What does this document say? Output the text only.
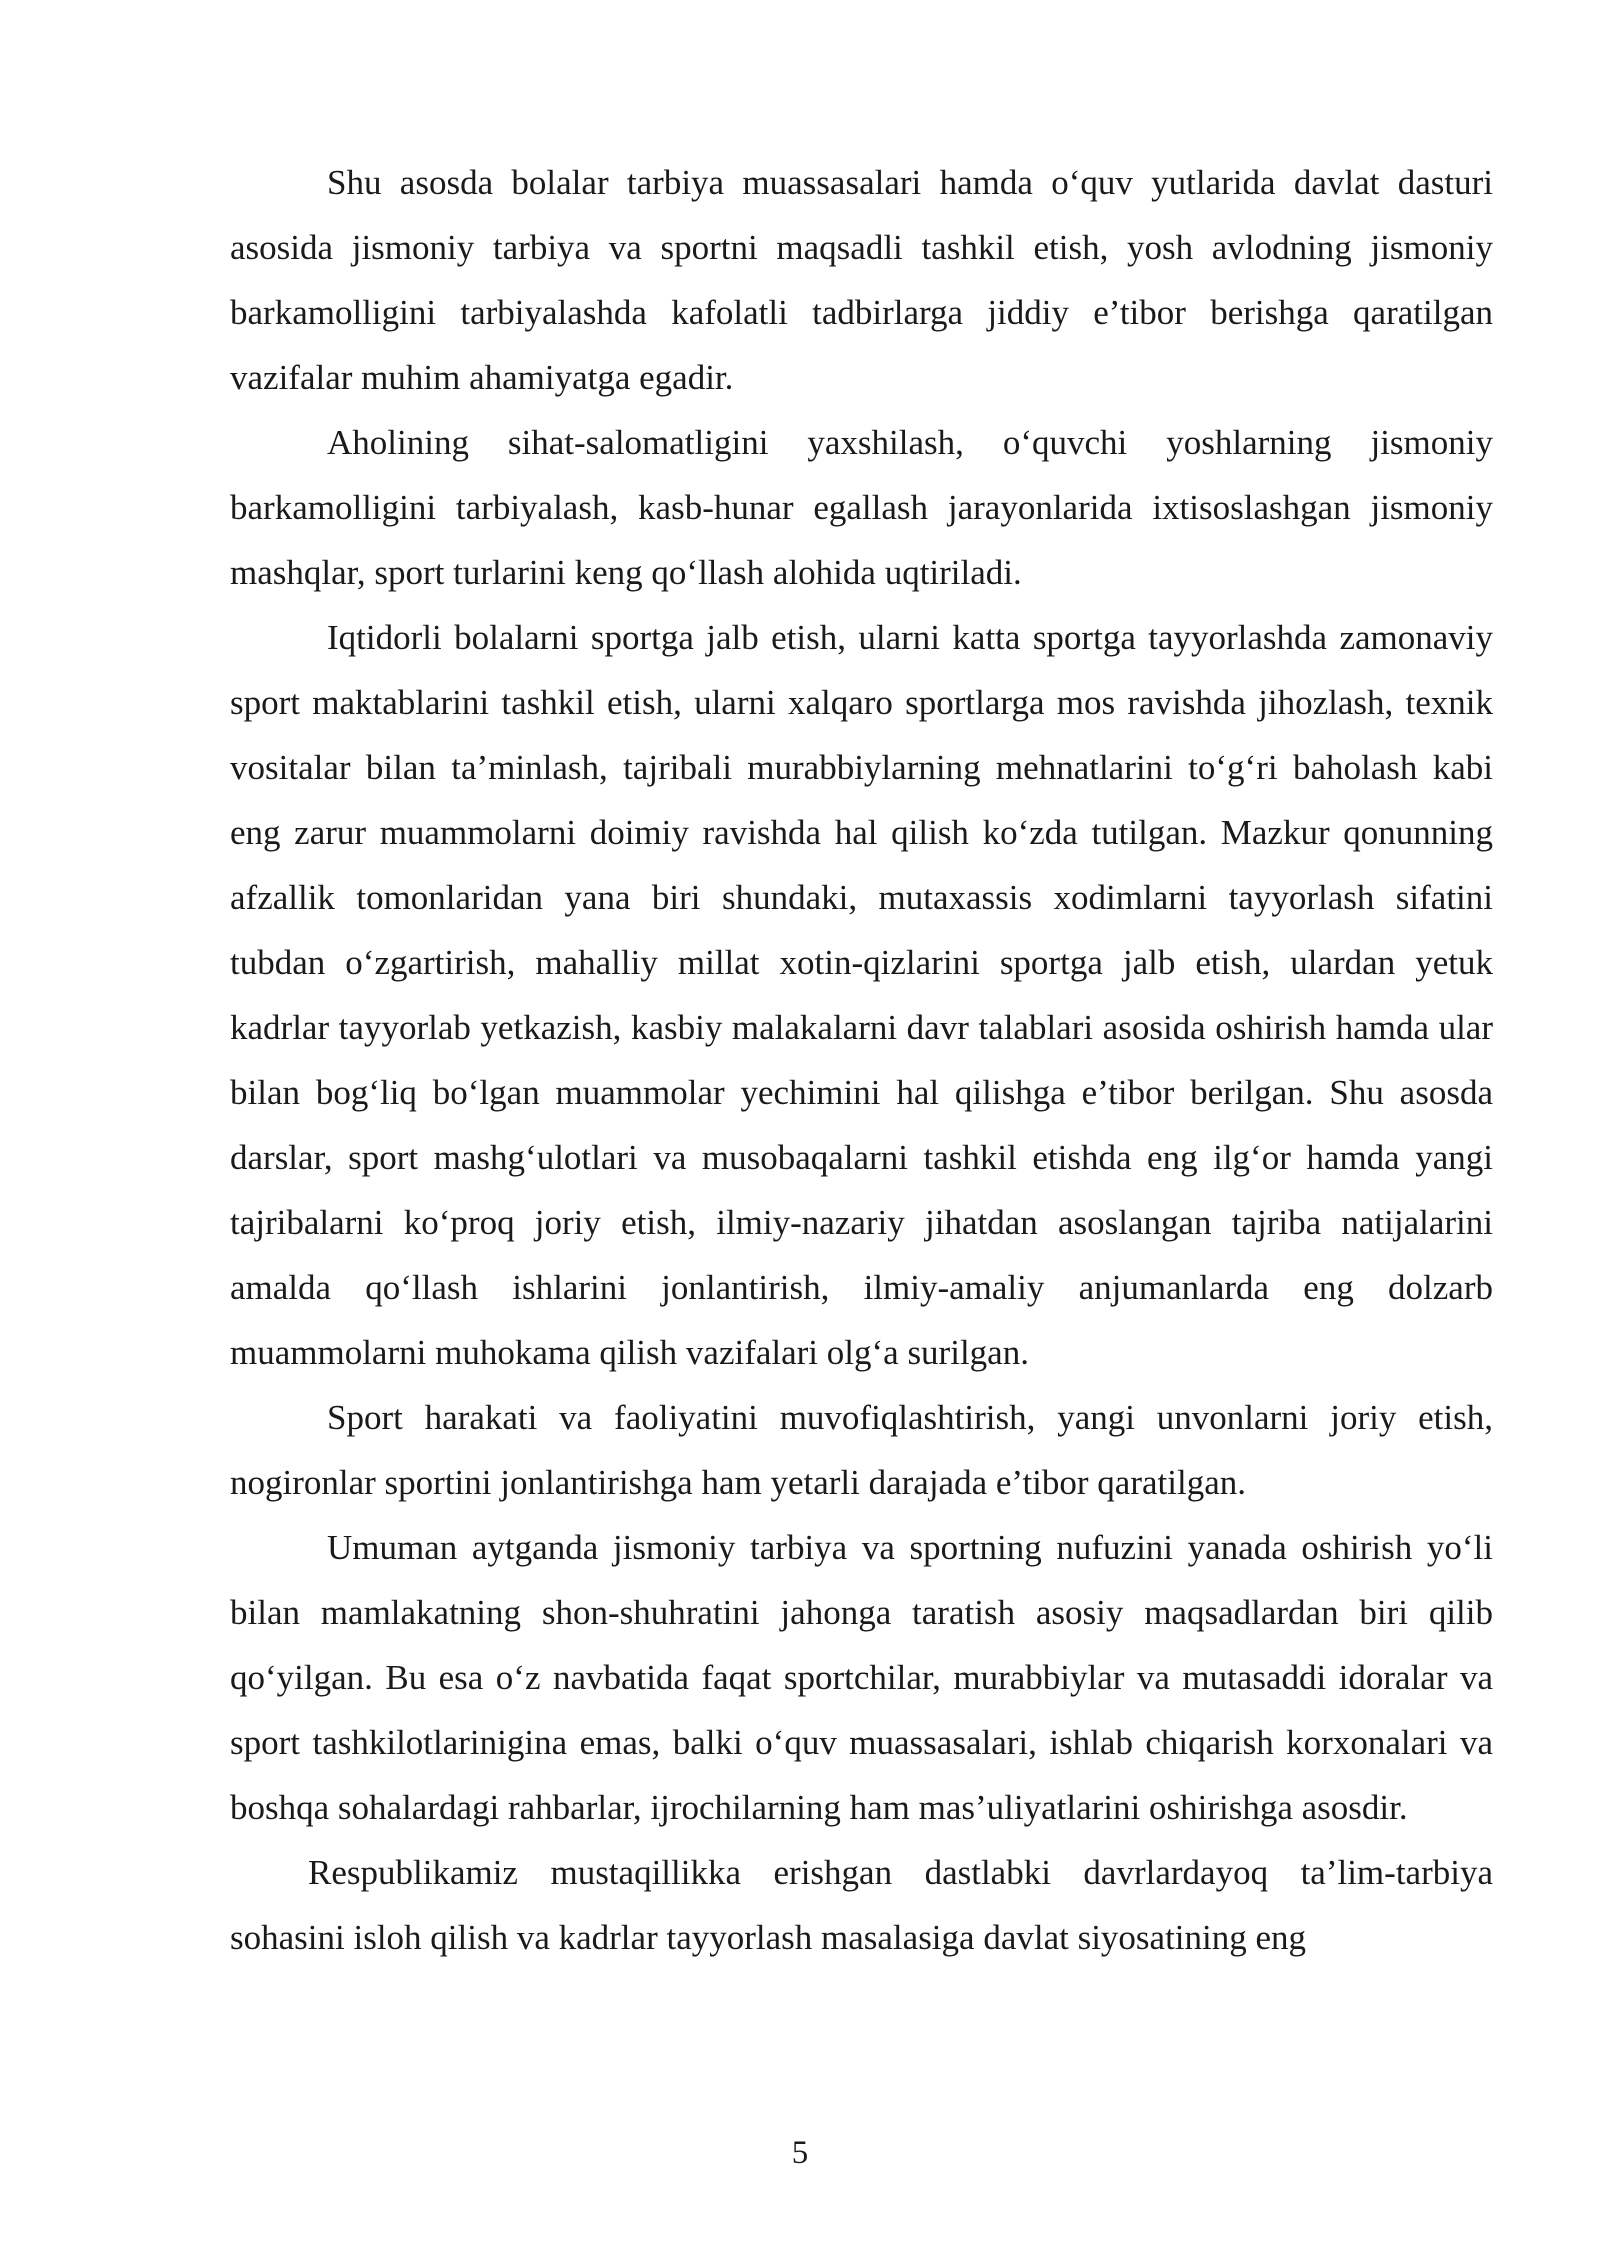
Shu asosda bolalar tarbiya muassasalari hamda o‘quv yutlarida davlat dasturi asosida jismoniy tarbiya va sportni maqsadli tashkil etish, yosh avlodning jismoniy barkamolligini tarbiyalashda kafolatli tadbirlarga jiddiy e’tibor berishga qaratilgan vazifalar muhim ahamiyatga egadir.

Aholining sihat-salomatligini yaxshilash, o‘quvchi yoshlarning jismoniy barkamolligini tarbiyalash, kasb-hunar egallash jarayonlarida ixtisoslashgan jismoniy mashqlar, sport turlarini keng qo‘llash alohida uqtiriladi.

Iqtidorli bolalarni sportga jalb etish, ularni katta sportga tayyorlashda zamonaviy sport maktablarini tashkil etish, ularni xalqaro sportlarga mos ravishda jihozlash, texnik vositalar bilan ta’minlash, tajribali murabbiylarning mehnatlarini to‘g‘ri baholash kabi eng zarur muammolarni doimiy ravishda hal qilish ko‘zda tutilgan. Mazkur qonunning afzallik tomonlaridan yana biri shundaki, mutaxassis xodimlarni tayyorlash sifatini tubdan o‘zgartirish, mahalliy millat xotin-qizlarini sportga jalb etish, ulardan yetuk kadrlar tayyorlab yetkazish, kasbiy malakalarni davr talablari asosida oshirish hamda ular bilan bog‘liq bo‘lgan muammolar yechimini hal qilishga e’tibor berilgan. Shu asosda darslar, sport mashg‘ulotlari va musobaqalarni tashkil etishda eng ilg‘or hamda yangi tajribalarni ko‘proq joriy etish, ilmiy-nazariy jihatdan asoslangan tajriba natijalarini amalda qo‘llash ishlarini jonlantirish, ilmiy-amaliy anjumanlarda eng dolzarb muammolarni muhokama qilish vazifalari olg‘a surilgan.

Sport harakati va faoliyatini muvofiqlashtirish, yangi unvonlarni joriy etish, nogironlar sportini jonlantirishga ham yetarli darajada e’tibor qaratilgan.

Umuman aytganda jismoniy tarbiya va sportning nufuzini yanada oshirish yo‘li bilan mamlakatning shon-shuhratini jahonga taratish asosiy maqsadlardan biri qilib qo‘yilgan. Bu esa o‘z navbatida faqat sportchilar, murabbiylar va mutasaddi idoralar va sport tashkilotlarinigina emas, balki o‘quv muassasalari, ishlab chiqarish korxonalari va boshqa sohalardagi rahbarlar, ijrochilarning ham mas’uliyatlarini oshirishga asosdir.

Respublikamiz mustaqillikka erishgan dastlabki davrlardayoq ta’lim-tarbiya sohasini isloh qilish va kadrlar tayyorlash masalasiga davlat siyosatining eng

5
